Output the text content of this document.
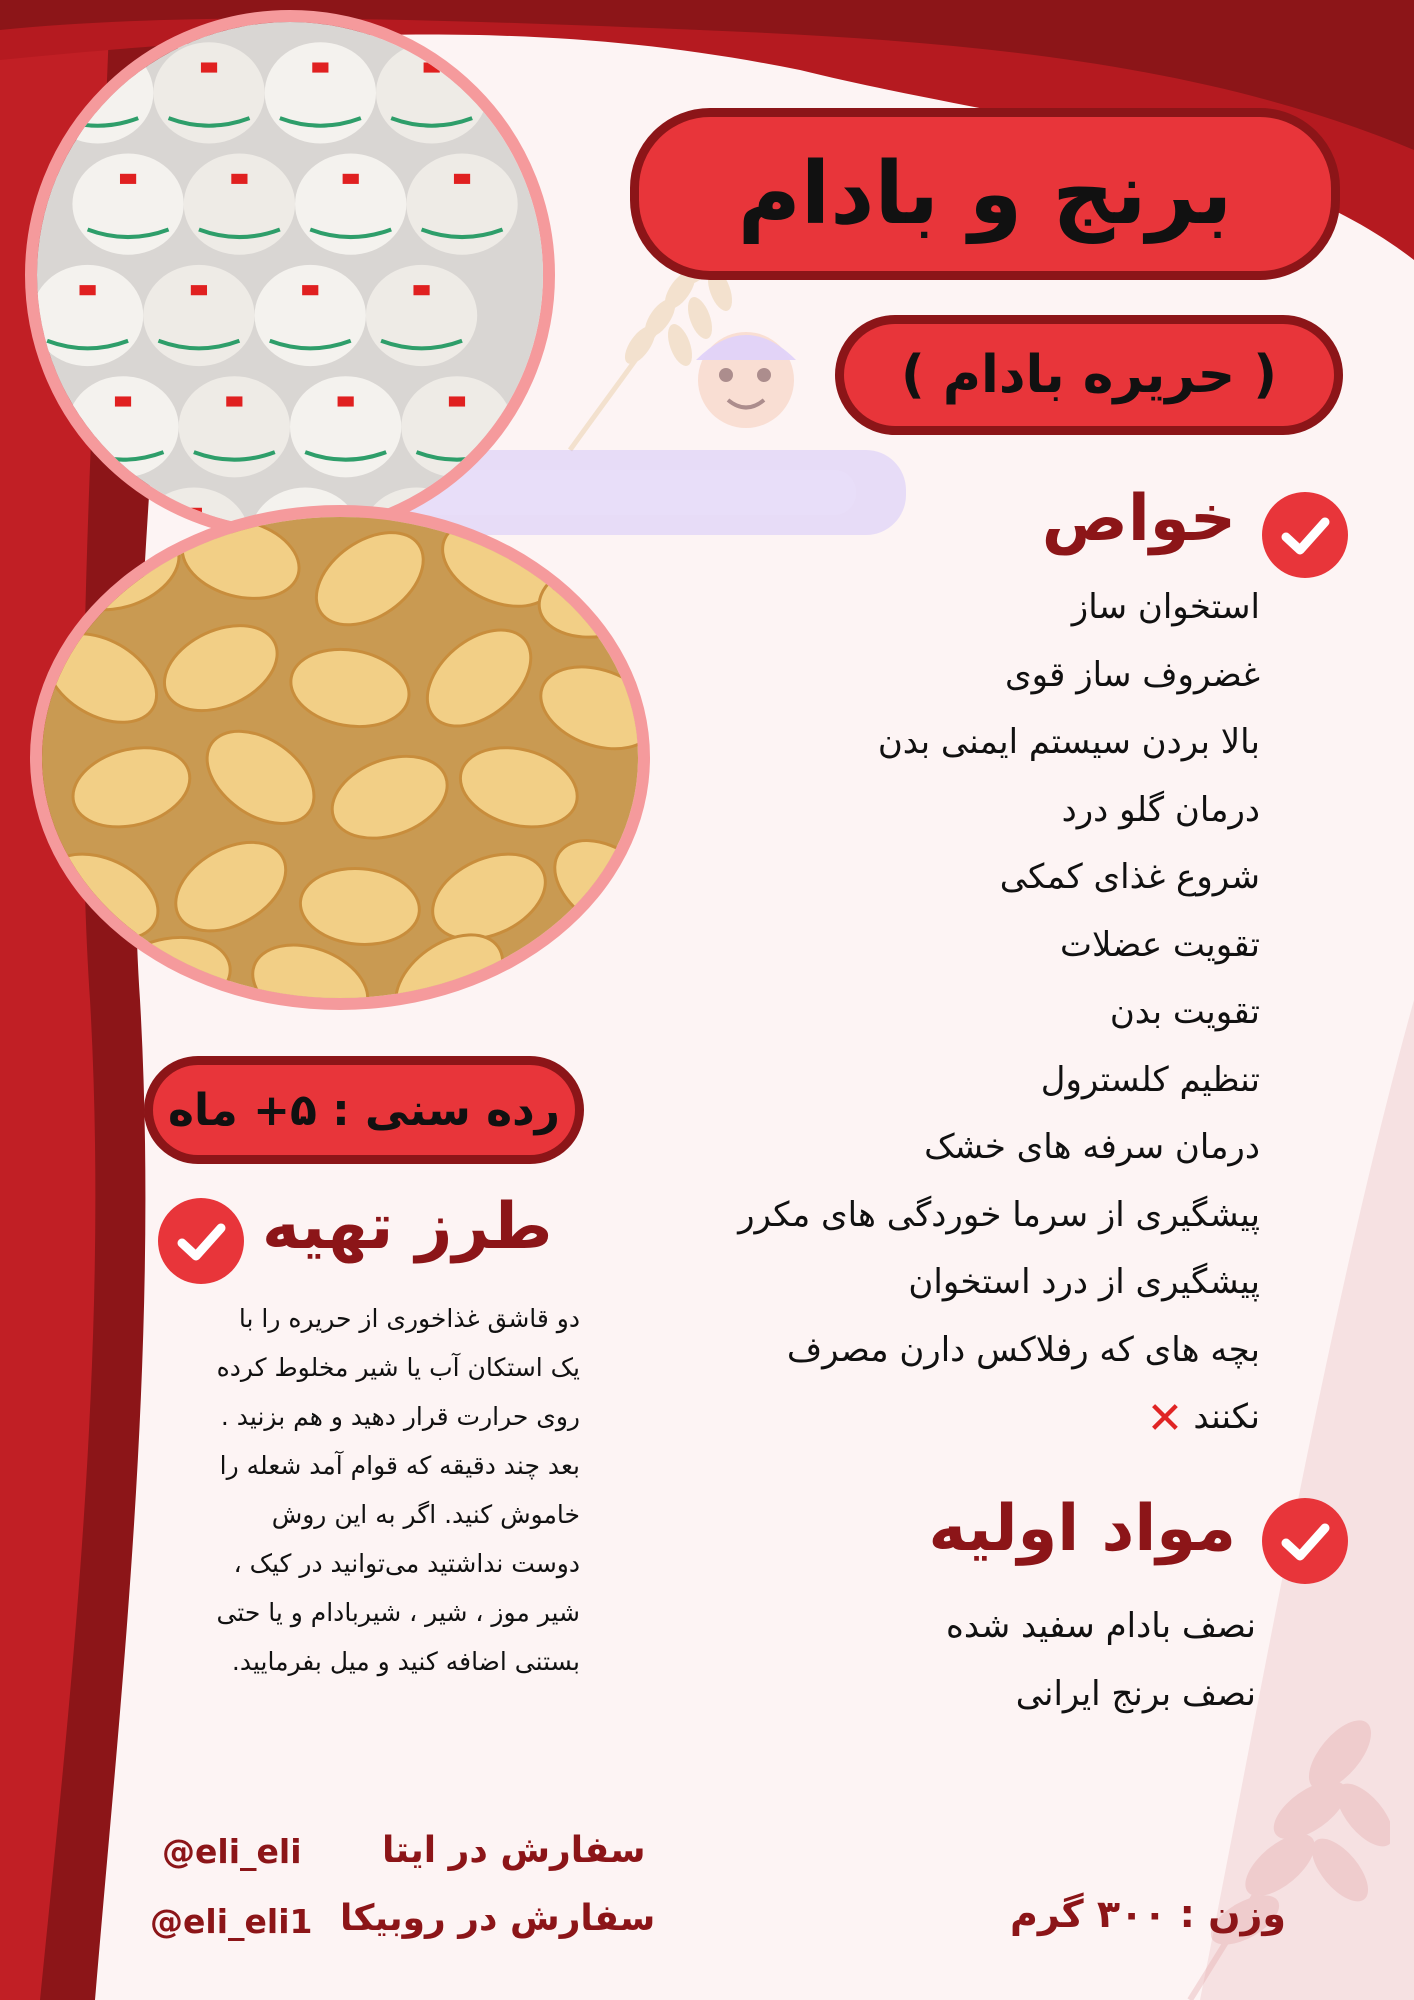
برنج و بادام
( حریره بادام )
خواص
استخوان ساز
غضروف ساز قوی
بالا بردن سیستم ایمنی بدن
درمان گلو درد
شروع غذای کمکی
تقویت عضلات
تقویت بدن
تنظیم کلسترول
درمان سرفه های خشک
پیشگیری از سرما خوردگی های مکرر
پیشگیری از درد استخوان
بچه های که رفلاکس دارن مصرف
نکنند✕
مواد اولیه
نصف بادام سفید شده
نصف برنج ایرانی
رده سنی : ۵+ ماه
طرز تهیه
دو قاشق غذاخوری از حریره را با
یک استکان آب یا شیر مخلوط کرده
روی حرارت قرار دهید و هم بزنید .
بعد چند دقیقه که قوام آمد شعله را
خاموش کنید. اگر به این روش
دوست نداشتید می‌توانید در کیک ،
شیر موز ، شیر ، شیربادام و یا حتی
بستنی اضافه کنید و میل بفرمایید.
سفارش در ایتا
@eli_eli
سفارش در روبیکا
@eli_eli1	وزن : ۳۰۰ گرم
